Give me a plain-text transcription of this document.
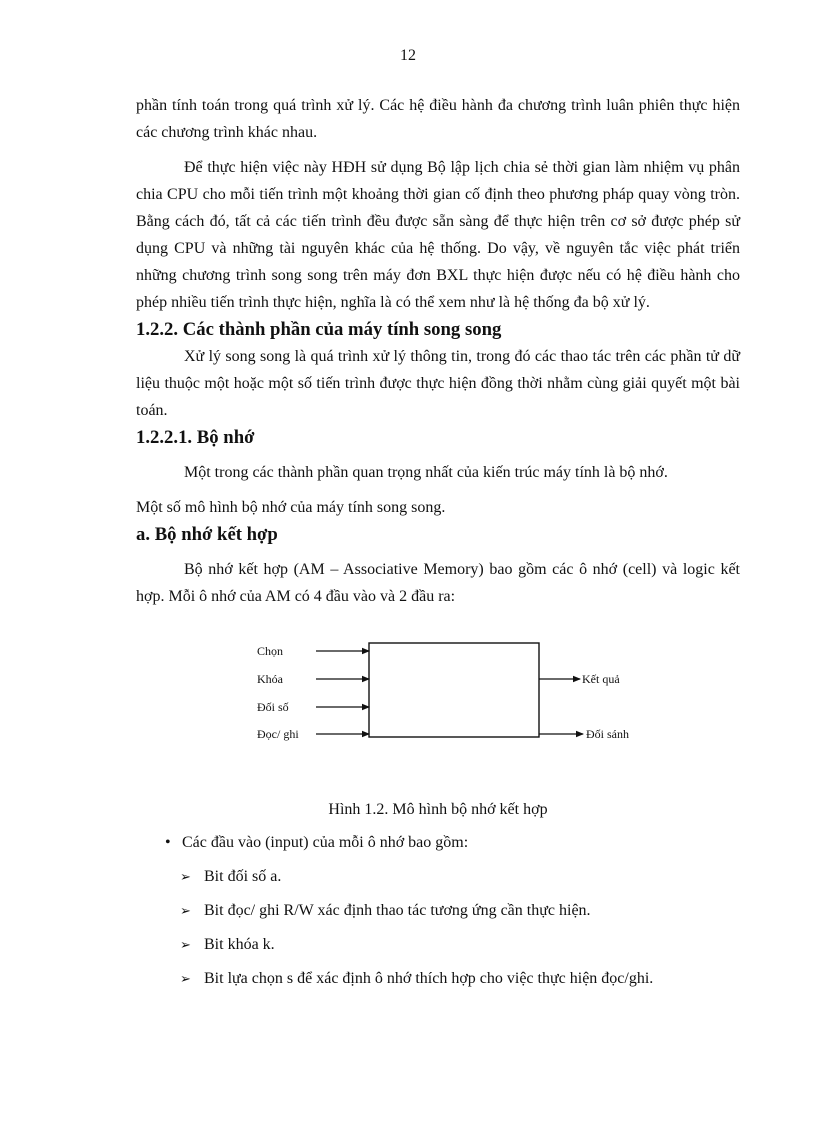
12

phần tính toán trong quá trình xử lý. Các hệ điều hành đa chương trình luân phiên thực hiện các chương trình khác nhau.

Để thực hiện việc này HĐH sử dụng Bộ lập lịch chia sẻ thời gian làm nhiệm vụ phân chia CPU cho mỗi tiến trình một khoảng thời gian cố định theo phương pháp quay vòng tròn. Bằng cách đó, tất cả các tiến trình đều được sẵn sàng để thực hiện trên cơ sở được phép sử dụng CPU và những tài nguyên khác của hệ thống. Do vậy, về nguyên tắc việc phát triển những chương trình song song trên máy đơn BXL thực hiện được nếu có hệ điều hành cho phép nhiều tiến trình thực hiện, nghĩa là có thể xem như là hệ thống đa bộ xử lý.

1.2.2. Các thành phần của máy tính song song

Xử lý song song là quá trình xử lý thông tin, trong đó các thao tác trên các phần tử dữ liệu thuộc một hoặc một số tiến trình được thực hiện đồng thời nhằm cùng giải quyết một bài toán.

1.2.2.1. Bộ nhớ

Một trong các thành phần quan trọng nhất của kiến trúc máy tính là bộ nhớ.

Một số mô hình bộ nhớ của máy tính song song.

a. Bộ nhớ kết hợp

Bộ nhớ kết hợp (AM – Associative Memory) bao gồm các ô nhớ (cell) và logic kết hợp. Mỗi ô nhớ của AM có 4 đầu vào và 2 đầu ra:

Chọn
Khóa
Đối số
Đọc/ ghi
Kết quả
Đối sánh

Hình 1.2. Mô hình bộ nhớ kết hợp

• Các đầu vào (input) của mỗi ô nhớ bao gồm:
➢ Bit đối số a.
➢ Bit đọc/ ghi R/W xác định thao tác tương ứng cần thực hiện.
➢ Bit khóa k.
➢ Bit lựa chọn s để xác định ô nhớ thích hợp cho việc thực hiện đọc/ghi.
